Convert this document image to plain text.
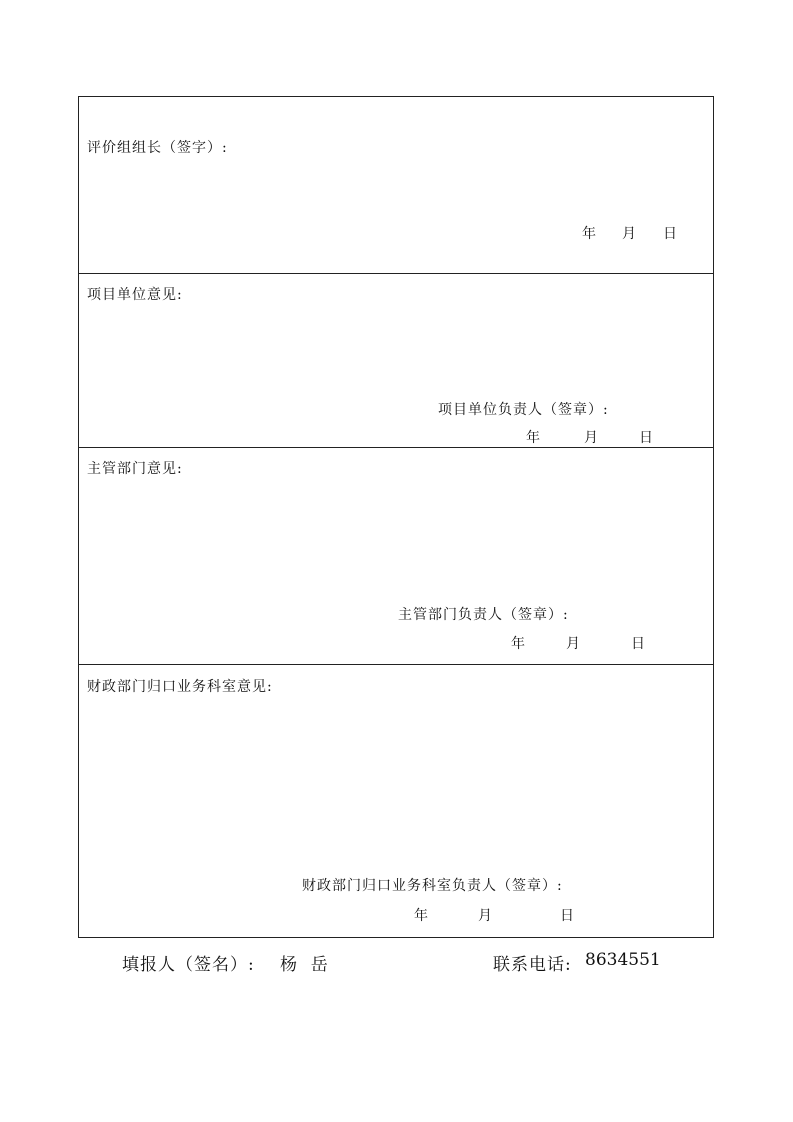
评价组组长（签字）:
年 月 日
项目单位意见:
项目单位负责人（签章）:
年	月	日
主管部门意见:
主管部门负责人（签章）:
年	月	日
财政部门归口业务科室意见:
财政部门归口业务科室负责人（签章）:
年	月	日
填报人（签名）: 杨  岳	联系电话: 8634551
